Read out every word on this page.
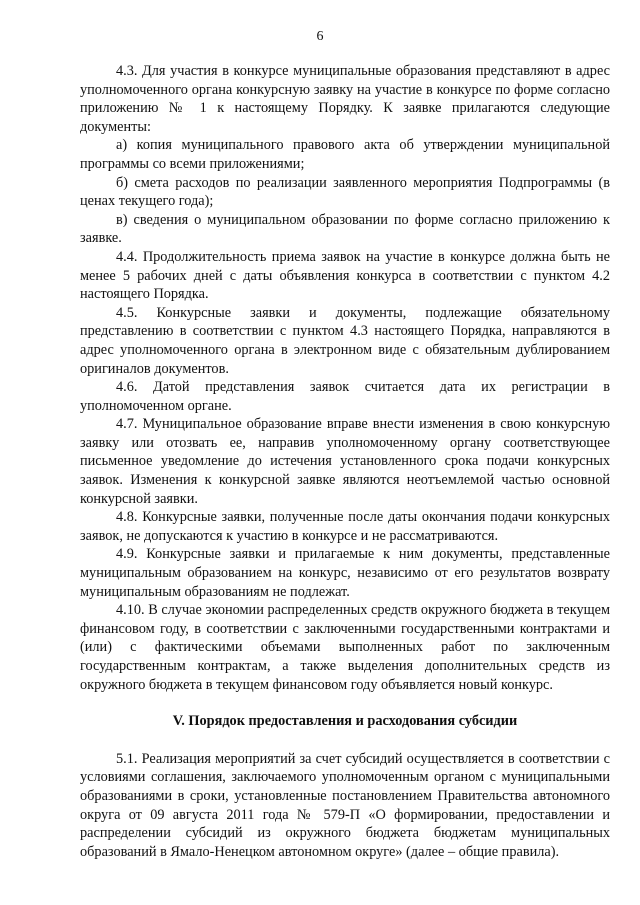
6

4.3. Для участия в конкурсе муниципальные образования представляют в адрес уполномоченного органа конкурсную заявку на участие в конкурсе по форме согласно приложению № 1 к настоящему Порядку. К заявке прилагаются следующие документы:

а) копия муниципального правового акта об утверждении муниципальной программы со всеми приложениями;

б) смета расходов по реализации заявленного мероприятия Подпрограммы (в ценах текущего года);

в) сведения о муниципальном образовании по форме согласно приложению к заявке.

4.4. Продолжительность приема заявок на участие в конкурсе должна быть не менее 5 рабочих дней с даты объявления конкурса в соответствии с пунктом 4.2 настоящего Порядка.

4.5. Конкурсные заявки и документы, подлежащие обязательному представлению в соответствии с пунктом 4.3 настоящего Порядка, направляются в адрес уполномоченного органа в электронном виде с обязательным дублированием оригиналов документов.

4.6. Датой представления заявок считается дата их регистрации в уполномоченном органе.

4.7. Муниципальное образование вправе внести изменения в свою конкурсную заявку или отозвать ее, направив уполномоченному органу соответствующее письменное уведомление до истечения установленного срока подачи конкурсных заявок. Изменения к конкурсной заявке являются неотъемлемой частью основной конкурсной заявки.

4.8. Конкурсные заявки, полученные после даты окончания подачи конкурсных заявок, не допускаются к участию в конкурсе и не рассматриваются.

4.9. Конкурсные заявки и прилагаемые к ним документы, представленные муниципальным образованием на конкурс, независимо от его результатов возврату муниципальным образованиям не подлежат.

4.10. В случае экономии распределенных средств окружного бюджета в текущем финансовом году, в соответствии с заключенными государственными контрактами и (или) с фактическими объемами выполненных работ по заключенным государственным контрактам, а также выделения дополнительных средств из окружного бюджета в текущем финансовом году объявляется новый конкурс.

V. Порядок предоставления и расходования субсидии

5.1. Реализация мероприятий за счет субсидий осуществляется в соответствии с условиями соглашения, заключаемого уполномоченным органом с муниципальными образованиями в сроки, установленные постановлением Правительства автономного округа от 09 августа 2011 года № 579-П «О формировании, предоставлении и распределении субсидий из окружного бюджета бюджетам муниципальных образований в Ямало-Ненецком автономном округе» (далее – общие правила).
